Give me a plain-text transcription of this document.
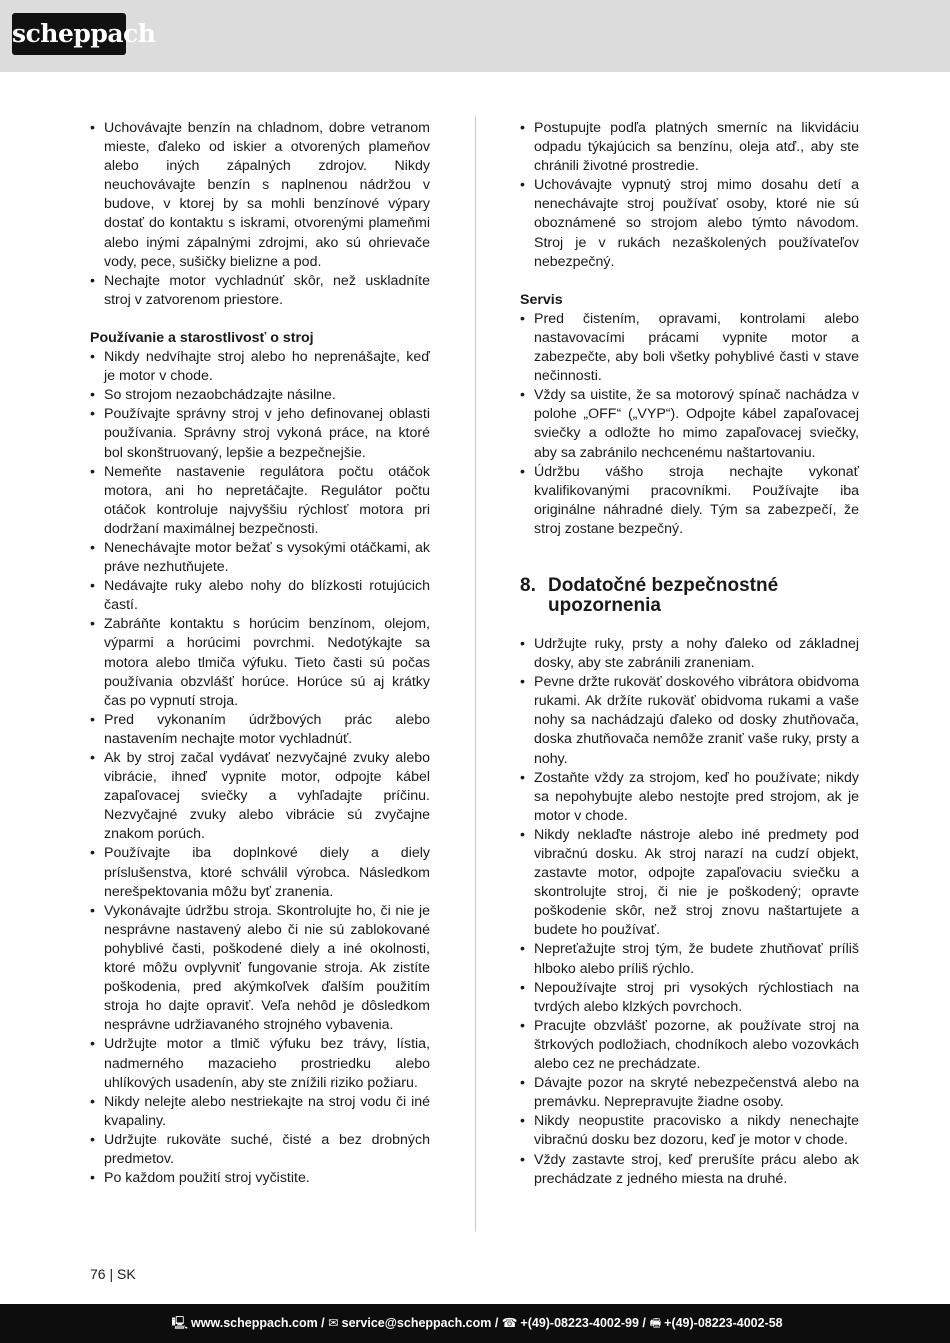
scheppach
• Uchovávajte benzín na chladnom, dobre vetranom mieste, ďaleko od iskier a otvorených plameňov alebo iných zápalných zdrojov. Nikdy neuchovávajte benzín s naplnenou nádržou v budove, v ktorej by sa mohli benzínové výpary dostať do kontaktu s iskrami, otvorenými plameňmi alebo inými zápalnými zdrojmi, ako sú ohrievače vody, pece, sušičky bielizne a pod.
• Nechajte motor vychladnúť skôr, než uskladníte stroj v zatvorenom priestore.
Používanie a starostlivosť o stroj
• Nikdy nedvíhajte stroj alebo ho neprenášajte, keď je motor v chode.
• So strojom nezaobchádzajte násilne.
• Používajte správny stroj v jeho definovanej oblasti používania. Správny stroj vykoná práce, na ktoré bol skonštruovaný, lepšie a bezpečnejšie.
• Nemeňte nastavenie regulátora počtu otáčok motora, ani ho nepretáčajte. Regulátor počtu otáčok kontroluje najvyššiu rýchlosť motora pri dodržaní maximálnej bezpečnosti.
• Nenechávajte motor bežať s vysokými otáčkami, ak práve nezhutňujete.
• Nedávajte ruky alebo nohy do blízkosti rotujúcich častí.
• Zabráňte kontaktu s horúcim benzínom, olejom, výparmi a horúcimi povrchmi. Nedotýkajte sa motora alebo tlmiča výfuku. Tieto časti sú počas používania obzvlášť horúce. Horúce sú aj krátky čas po vypnutí stroja.
• Pred vykonaním údržbových prác alebo nastavením nechajte motor vychladnúť.
• Ak by stroj začal vydávať nezvyčajné zvuky alebo vibrácie, ihneď vypnite motor, odpojte kábel zapaľovacej sviečky a vyhľadajte príčinu. Nezvyčajné zvuky alebo vibrácie sú zvyčajne znakom porúch.
• Používajte iba doplnkové diely a diely príslušenstva, ktoré schválil výrobca. Následkom nerešpektovania môžu byť zranenia.
• Vykonávajte údržbu stroja. Skontrolujte ho, či nie je nesprávne nastavený alebo či nie sú zablokované pohyblivé časti, poškodené diely a iné okolnosti, ktoré môžu ovplyvniť fungovanie stroja. Ak zistíte poškodenia, pred akýmkoľvek ďalším použitím stroja ho dajte opraviť. Veľa nehôd je dôsledkom nesprávne udržiavaného strojného vybavenia.
• Udržujte motor a tlmič výfuku bez trávy, lístia, nadmerného mazacieho prostriedku alebo uhlíkových usadenín, aby ste znížili riziko požiaru.
• Nikdy nelejte alebo nestriekajte na stroj vodu či iné kvapaliny.
• Udržujte rukoväte suché, čisté a bez drobných predmetov.
• Po každom použití stroj vyčistite.
• Postupujte podľa platných smerníc na likvidáciu odpadu týkajúcich sa benzínu, oleja atď., aby ste chránili životné prostredie.
• Uchovávajte vypnutý stroj mimo dosahu detí a nenechávajte stroj používať osoby, ktoré nie sú oboznámené so strojom alebo týmto návodom. Stroj je v rukách nezaškolených používateľov nebezpečný.
Servis
• Pred čistením, opravami, kontrolami alebo nastavovacími prácami vypnite motor a zabezpečte, aby boli všetky pohyblivé časti v stave nečinnosti.
• Vždy sa uistite, že sa motorový spínač nachádza v polohe „OFF“ („VYP“). Odpojte kábel zapaľovacej sviečky a odložte ho mimo zapaľovacej sviečky, aby sa zabránilo nechcenému naštartovaniu.
• Údržbu vášho stroja nechajte vykonať kvalifikovanými pracovníkmi. Používajte iba originálne náhradné diely. Tým sa zabezpečí, že stroj zostane bezpečný.
8. Dodatočné bezpečnostné
upozornenia
• Udržujte ruky, prsty a nohy ďaleko od základnej dosky, aby ste zabránili zraneniam.
• Pevne držte rukoväť doskového vibrátora obidvoma rukami. Ak držíte rukoväť obidvoma rukami a vaše nohy sa nachádzajú ďaleko od dosky zhutňovača, doska zhutňovača nemôže zraniť vaše ruky, prsty a nohy.
• Zostaňte vždy za strojom, keď ho používate; nikdy sa nepohybujte alebo nestojte pred strojom, ak je motor v chode.
• Nikdy neklaďte nástroje alebo iné predmety pod vibračnú dosku. Ak stroj narazí na cudzí objekt, zastavte motor, odpojte zapaľovaciu sviečku a skontrolujte stroj, či nie je poškodený; opravte poškodenie skôr, než stroj znovu naštartujete a budete ho používať.
• Nepreťažujte stroj tým, že budete zhutňovať príliš hlboko alebo príliš rýchlo.
• Nepoužívajte stroj pri vysokých rýchlostiach na tvrdých alebo klzkých povrchoch.
• Pracujte obzvlášť pozorne, ak používate stroj na štrkových podložiach, chodníkoch alebo vozovkách alebo cez ne prechádzate.
• Dávajte pozor na skryté nebezpečenstvá alebo na premávku. Neprepravujte žiadne osoby.
• Nikdy neopustite pracovisko a nikdy nenechajte vibračnú dosku bez dozoru, keď je motor v chode.
• Vždy zastavte stroj, keď prerušíte prácu alebo ak prechádzate z jedného miesta na druhé.
76 | SK
🖳 www.scheppach.com / ✉ service@scheppach.com / ☎ +(49)-08223-4002-99 / 🖷 +(49)-08223-4002-58
